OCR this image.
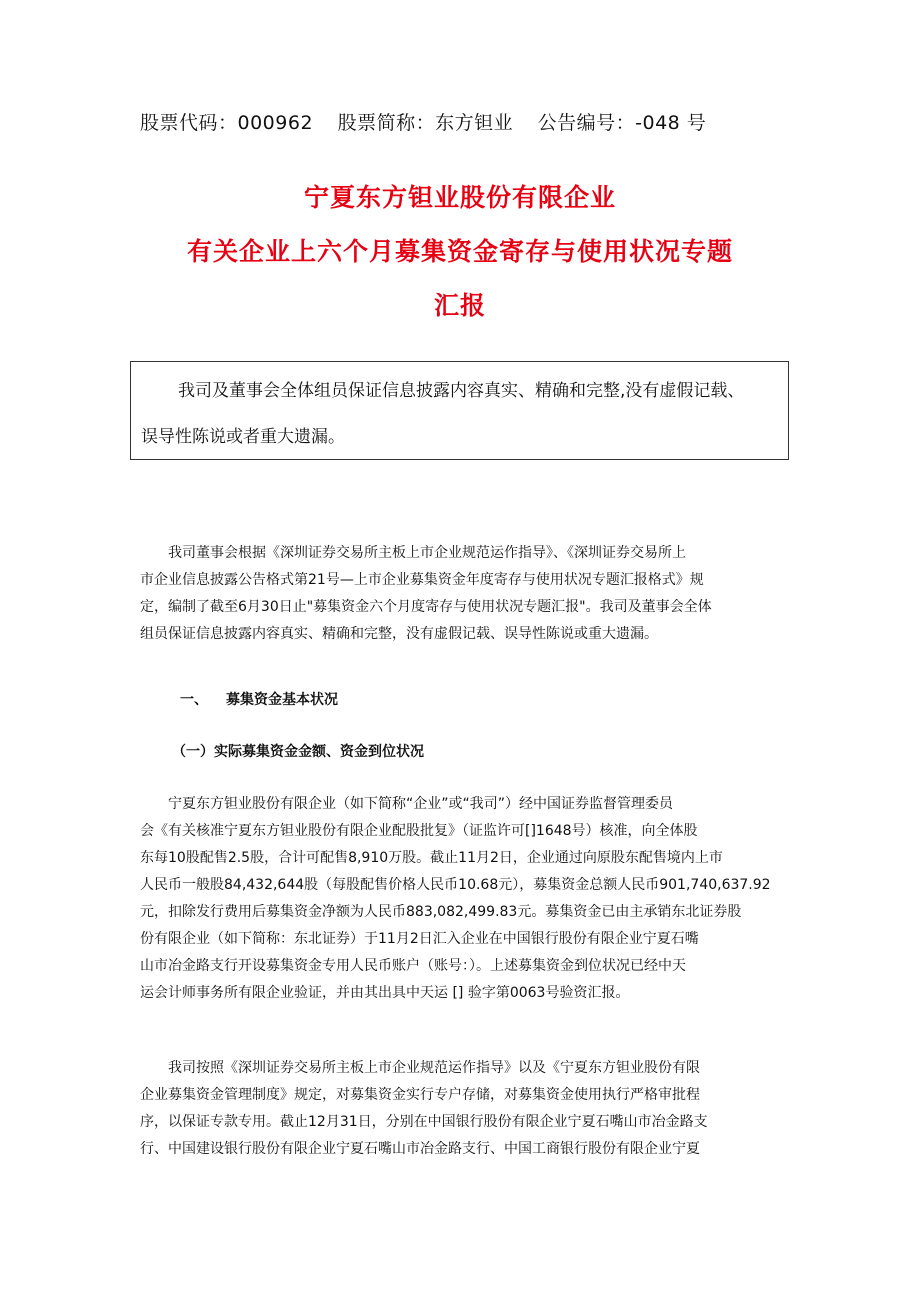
股票代码：000962 股票简称：东方钽业 公告编号：-048 号
宁夏东方钽业股份有限企业
有关企业上六个月募集资金寄存与使用状况专题
汇报
我司及董事会全体组员保证信息披露内容真实、精确和完整,没有虚假记载、
误导性陈说或者重大遗漏。

我司董事会根据《深圳证券交易所主板上市企业规范运作指导》、《深圳证券交易所上

市企业信息披露公告格式第21号—上市企业募集资金年度寄存与使用状况专题汇报格式》规

定，编制了截至6月30日止"募集资金六个月度寄存与使用状况专题汇报"。我司及董事会全体

组员保证信息披露内容真实、精确和完整，没有虚假记载、误导性陈说或重大遗漏。

一、 募集资金基本状况
（一）实际募集资金金额、资金到位状况

宁夏东方钽业股份有限企业（如下简称“企业”或“我司”）经中国证券监督管理委员

会《有关核准宁夏东方钽业股份有限企业配股批复》（证监许可[]1648号）核准，向全体股

东每10股配售2.5股，合计可配售8,910万股。截止11月2日，企业通过向原股东配售境内上市

人民币一般股84,432,644股（每股配售价格人民币10.68元），募集资金总额人民币901,740,637.92

元，扣除发行费用后募集资金净额为人民币883,082,499.83元。募集资金已由主承销东北证券股

份有限企业（如下简称：东北证券）于11月2日汇入企业在中国银行股份有限企业宁夏石嘴

山市冶金路支行开设募集资金专用人民币账户（账号：）。上述募集资金到位状况已经中天

运会计师事务所有限企业验证，并由其出具中天运 [] 验字第0063号验资汇报。

我司按照《深圳证券交易所主板上市企业规范运作指导》以及《宁夏东方钽业股份有限

企业募集资金管理制度》规定，对募集资金实行专户存储，对募集资金使用执行严格审批程

序，以保证专款专用。截止12月31日，分别在中国银行股份有限企业宁夏石嘴山市冶金路支

行、中国建设银行股份有限企业宁夏石嘴山市冶金路支行、中国工商银行股份有限企业宁夏
